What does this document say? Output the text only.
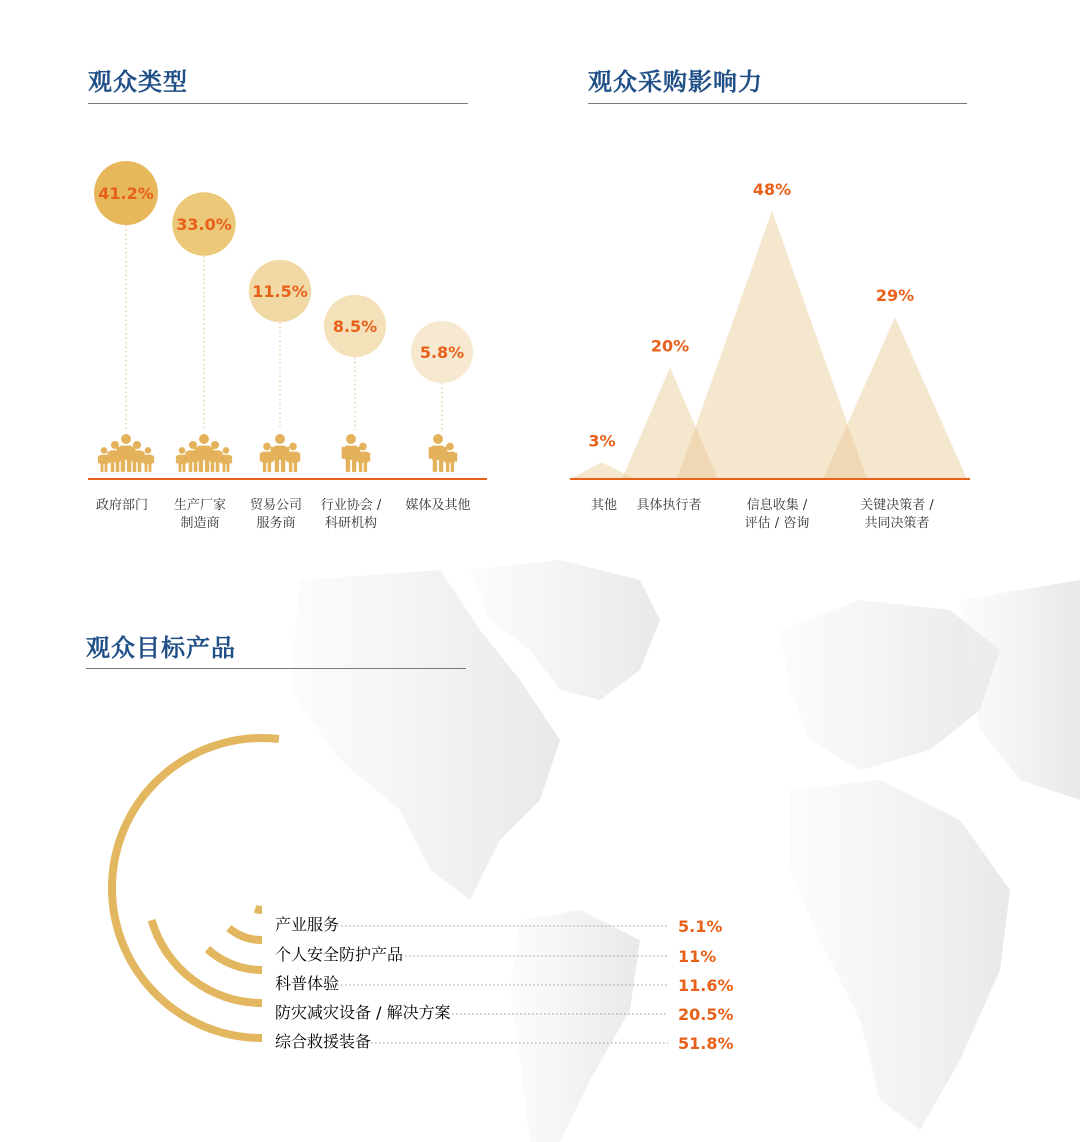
观众类型	观众采购影响力
观众目标产品
41.2%
政府部门
33.0%
生产厂家
制造商
11.5%
贸易公司
服务商
8.5%
行业协会 /
科研机构
5.8%
媒体及其他
3%
其他
20%
具体执行者
48%
信息收集 /
评估 / 咨询
29%
关键决策者 /
共同决策者
产业服务	5.1%
个人安全防护产品	11%
科普体验	11.6%
防灾减灾设备 / 解决方案	20.5%
综合救援装备	51.8%
